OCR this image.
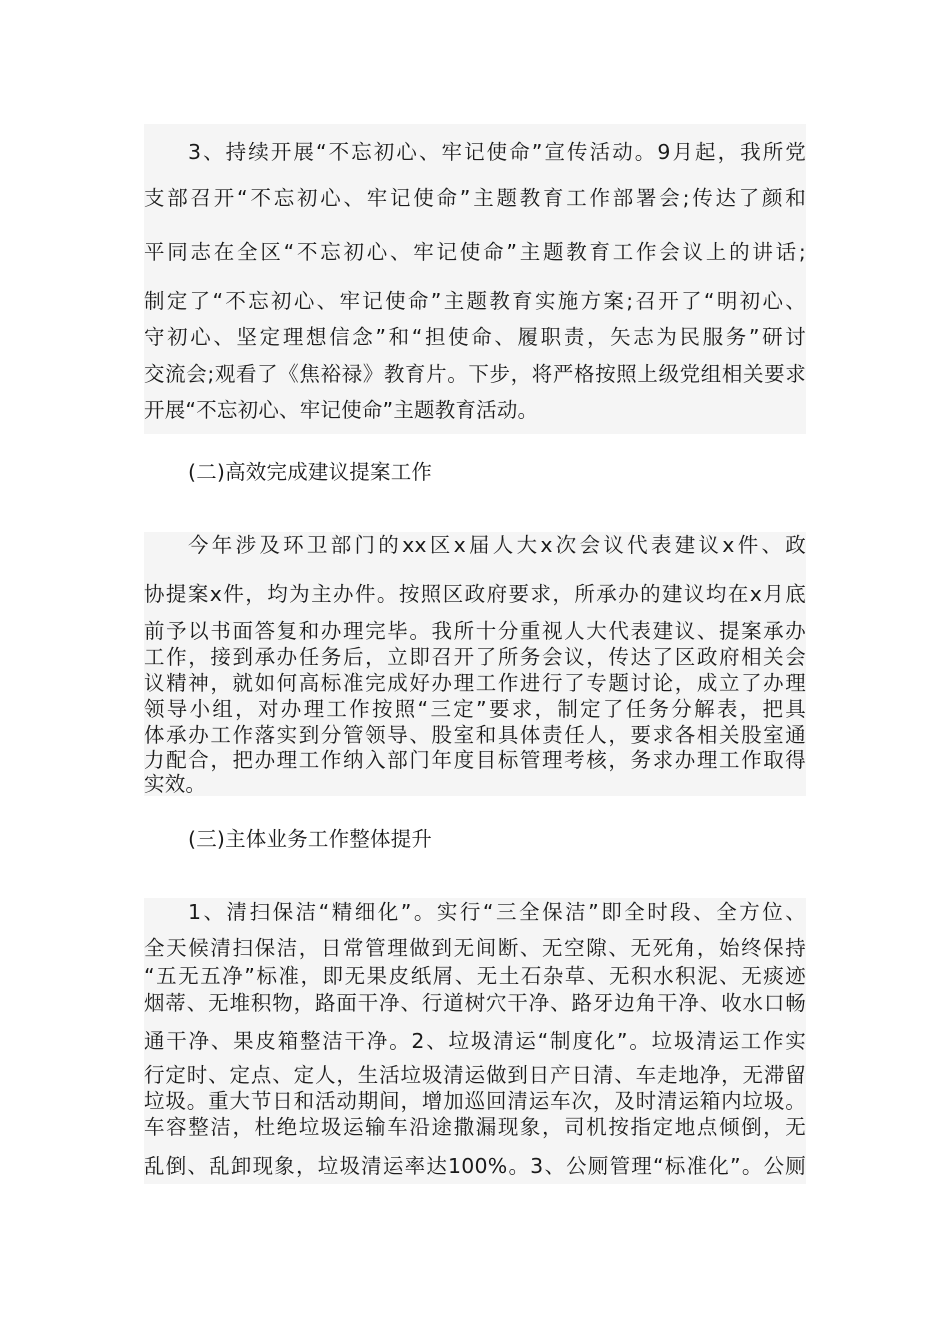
3、持续开展“不忘初心、牢记使命”宣传活动。9月起，我所党
支部召开“不忘初心、牢记使命”主题教育工作部署会;传达了颜和
平同志在全区“不忘初心、牢记使命”主题教育工作会议上的讲话;
制定了“不忘初心、牢记使命”主题教育实施方案;召开了“明初心、
守初心、坚定理想信念”和“担使命、履职责，矢志为民服务”研讨
交流会;观看了《焦裕禄》教育片。下步，将严格按照上级党组相关要求
开展“不忘初心、牢记使命”主题教育活动。
(二)高效完成建议提案工作
今年涉及环卫部门的xx区x届人大x次会议代表建议x件、政
协提案x件，均为主办件。按照区政府要求，所承办的建议均在x月底
前予以书面答复和办理完毕。我所十分重视人大代表建议、提案承办
工作，接到承办任务后，立即召开了所务会议，传达了区政府相关会
议精神，就如何高标准完成好办理工作进行了专题讨论，成立了办理
领导小组，对办理工作按照“三定”要求，制定了任务分解表，把具
体承办工作落实到分管领导、股室和具体责任人，要求各相关股室通
力配合，把办理工作纳入部门年度目标管理考核，务求办理工作取得
实效。
(三)主体业务工作整体提升
1、清扫保洁“精细化”。实行“三全保洁”即全时段、全方位、
全天候清扫保洁，日常管理做到无间断、无空隙、无死角，始终保持
“五无五净”标准，即无果皮纸屑、无土石杂草、无积水积泥、无痰迹
烟蒂、无堆积物，路面干净、行道树穴干净、路牙边角干净、收水口畅
通干净、果皮箱整洁干净。2、垃圾清运“制度化”。垃圾清运工作实
行定时、定点、定人，生活垃圾清运做到日产日清、车走地净，无滞留
垃圾。重大节日和活动期间，增加巡回清运车次，及时清运箱内垃圾。
车容整洁，杜绝垃圾运输车沿途撒漏现象，司机按指定地点倾倒，无
乱倒、乱卸现象，垃圾清运率达100%。3、公厕管理“标准化”。公厕
